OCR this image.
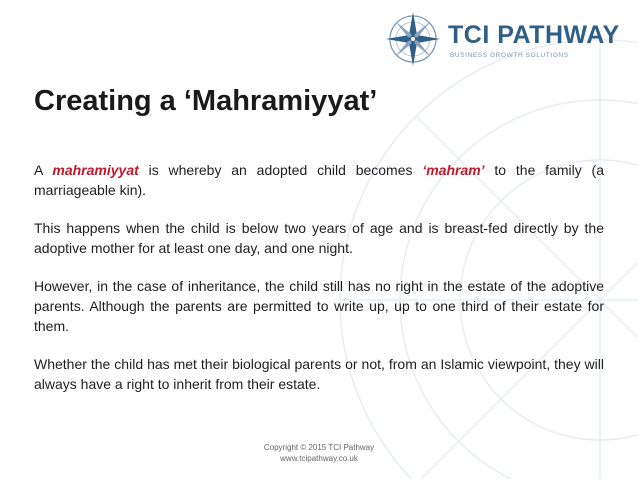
TCI PATHWAY
BUSINESS GROWTH SOLUTIONS
Creating a ‘Mahramiyyat’

A mahramiyyat is whereby an adopted child becomes ‘mahram’ to the family (a marriageable kin).

This happens when the child is below two years of age and is breast-fed directly by the adoptive mother for at least one day, and one night.

However, in the case of inheritance, the child still has no right in the estate of the adoptive parents. Although the parents are permitted to write up, up to one third of their estate for them.

Whether the child has met their biological parents or not, from an Islamic viewpoint, they will always have a right to inherit from their estate.

Copyright © 2015 TCI Pathway
www.tcipathway.co.uk
